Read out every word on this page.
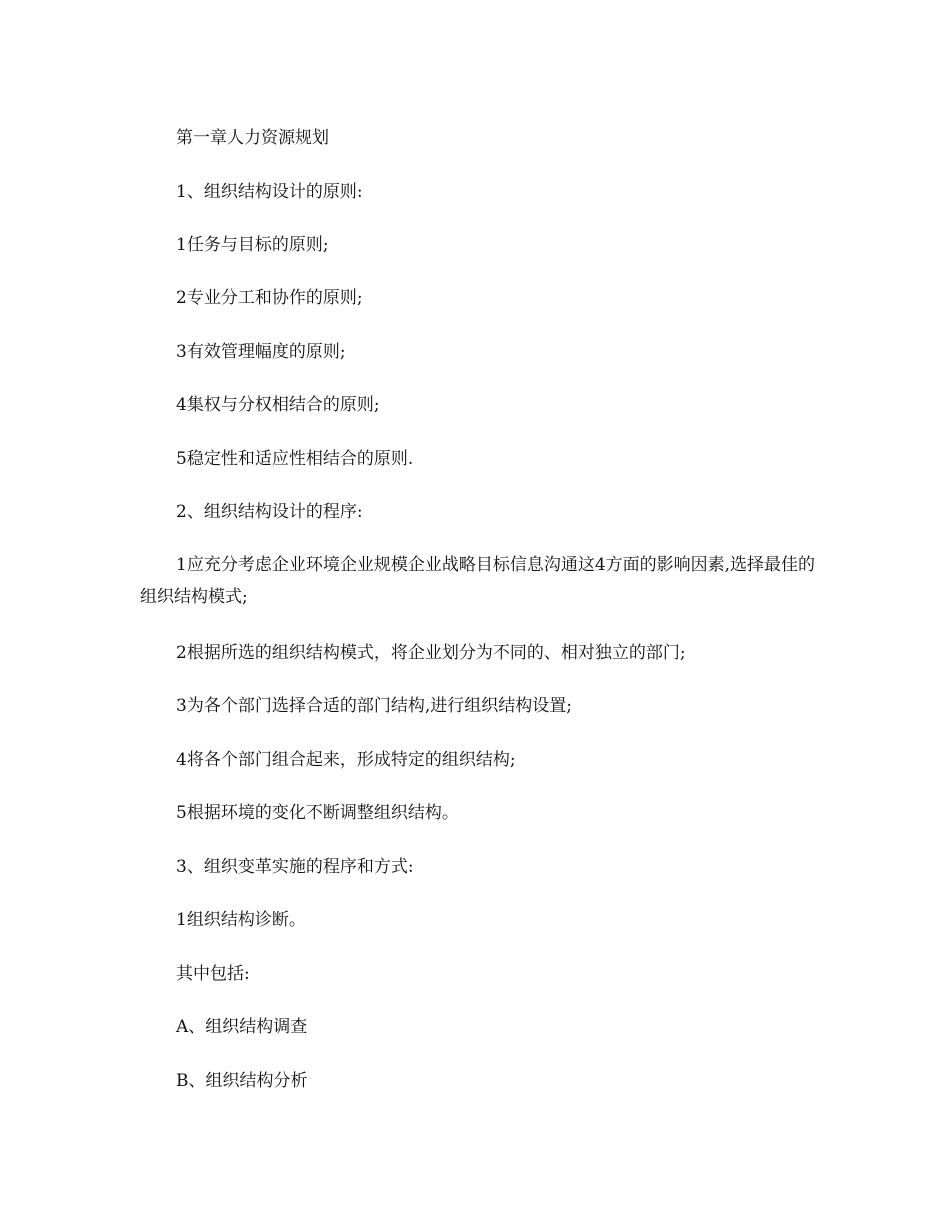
第一章人力资源规划

1、组织结构设计的原则:

1任务与目标的原则;

2专业分工和协作的原则;

3有效管理幅度的原则;

4集权与分权相结合的原则;

5稳定性和适应性相结合的原则.

2、组织结构设计的程序:

1应充分考虑企业环境企业规模企业战略目标信息沟通这4方面的影响因素,选择最佳的组织结构模式;

2根据所选的组织结构模式，将企业划分为不同的、相对独立的部门;

3为各个部门选择合适的部门结构,进行组织结构设置;

4将各个部门组合起来，形成特定的组织结构;

5根据环境的变化不断调整组织结构。

3、组织变革实施的程序和方式:

1组织结构诊断。

其中包括:

A、组织结构调查

B、组织结构分析
